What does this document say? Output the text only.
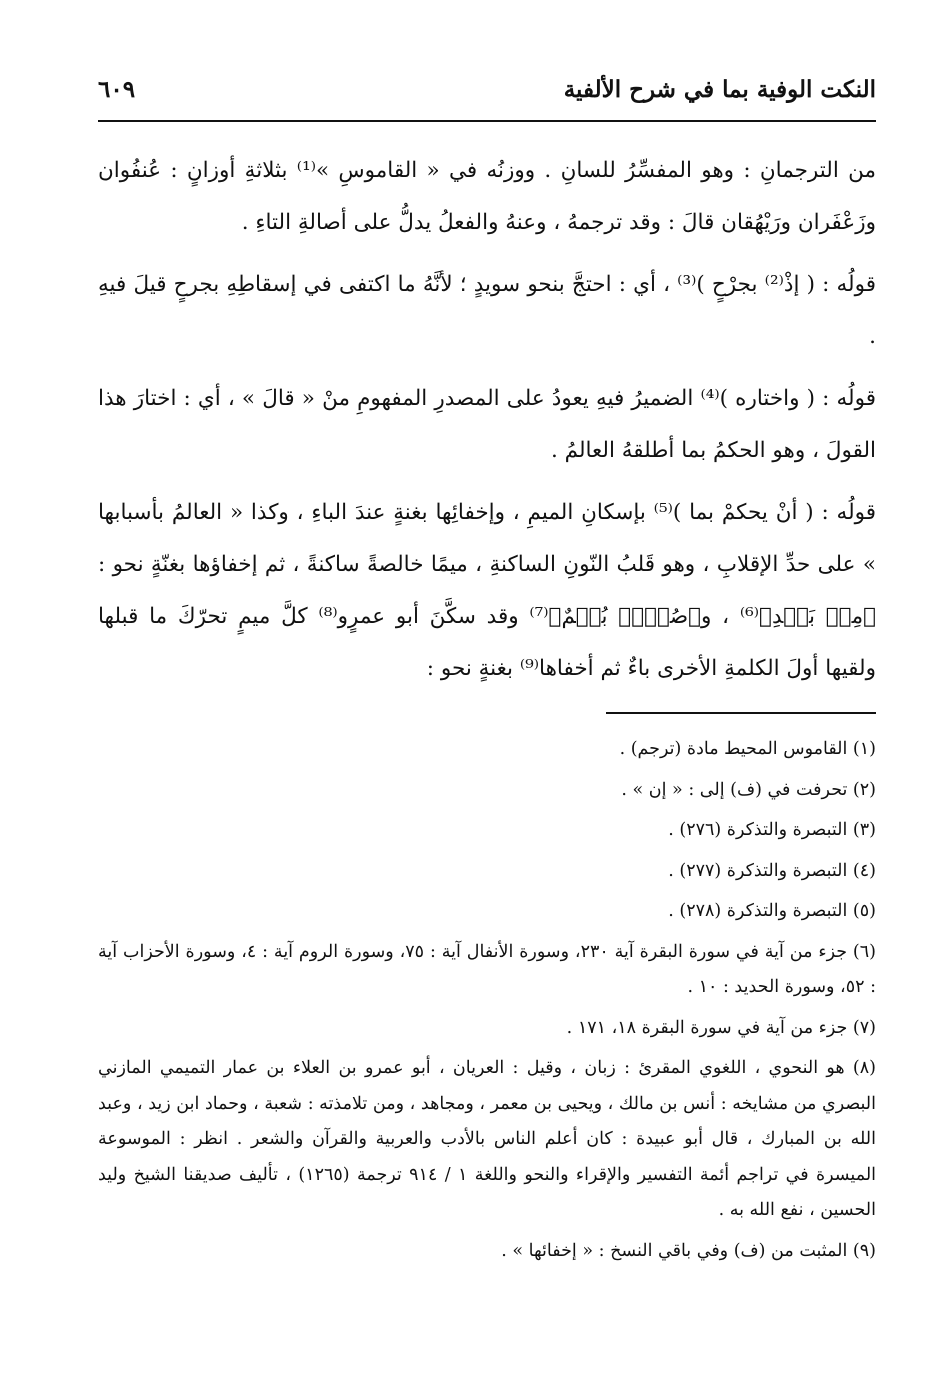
النكت الوفية بما في شرح الألفية
٦٠٩

من الترجمانِ : وهو المفسِّرُ للسانِ . ووزنُه في « القاموسِ »⁽¹⁾ بثلاثةِ أوزانٍ : عُنفُوان وزَعْفَران ورَيْهُقان قالَ : وقد ترجمهُ ، وعنهُ والفعلُ يدلُّ على أصالةِ التاءِ .

قولُه : ( إذْ⁽²⁾ بجرْحٍ )⁽³⁾ ، أي : احتجَّ بنحو سويدٍ ؛ لأنَّهُ ما اكتفى في إسقاطِهِ بجرحٍ قيلَ فيهِ .

قولُه : ( واختاره )⁽⁴⁾ الضميرُ فيهِ يعودُ على المصدرِ المفهومِ منْ « قالَ » ، أي : اختارَ هذا القولَ ، وهو الحكمُ بما أطلقهُ العالمُ .

قولُه : ( أنْ يحكمْ بما )⁽⁵⁾ بإسكانِ الميمِ ، وإخفائِها بغنةٍ عندَ الباءِ ، وكذا « العالمُ بأسبابها » على حدِّ الإقلابِ ، وهو قَلبُ النّونِ الساكنةِ ، ميمًا خالصةً ساكنةً ، ثم إخفاؤها بغنّةٍ نحو : ﴿مِنۢ بَعۡدِ﴾⁽⁶⁾ ، و﴿صُمُّۢ بُكۡمٌ﴾⁽⁷⁾ وقد سكَّنَ أبو عمرٍو⁽⁸⁾ كلَّ ميمٍ تحرّكَ ما قبلها ولقيها أولَ الكلمةِ الأخرى باءٌ ثم أخفاها⁽⁹⁾ بغنةٍ نحو :

(١) القاموس المحيط مادة (ترجم) .

(٢) تحرفت في (ف) إلى : « إن » .

(٣) التبصرة والتذكرة (٢٧٦) .

(٤) التبصرة والتذكرة (٢٧٧) .

(٥) التبصرة والتذكرة (٢٧٨) .

(٦) جزء من آية في سورة البقرة آية ٢٣٠، وسورة الأنفال آية : ٧٥، وسورة الروم آية : ٤، وسورة الأحزاب آية : ٥٢، وسورة الحديد : ١٠ .

(٧) جزء من آية في سورة البقرة ١٨، ١٧١ .

(٨) هو النحوي ، اللغوي المقرئ : زبان ، وقيل : العريان ، أبو عمرو بن العلاء بن عمار التميمي المازني البصري من مشايخه : أنس بن مالك ، ويحيى بن معمر ، ومجاهد ، ومن تلامذته : شعبة ، وحماد ابن زيد ، وعبد الله بن المبارك ، قال أبو عبيدة : كان أعلم الناس بالأدب والعربية والقرآن والشعر . انظر : الموسوعة الميسرة في تراجم أئمة التفسير والإقراء والنحو واللغة ١ / ٩١٤ ترجمة (١٢٦٥) ، تأليف صديقنا الشيخ وليد الحسين ، نفع الله به .

(٩) المثبت من (ف) وفي باقي النسخ : « إخفائها » .
